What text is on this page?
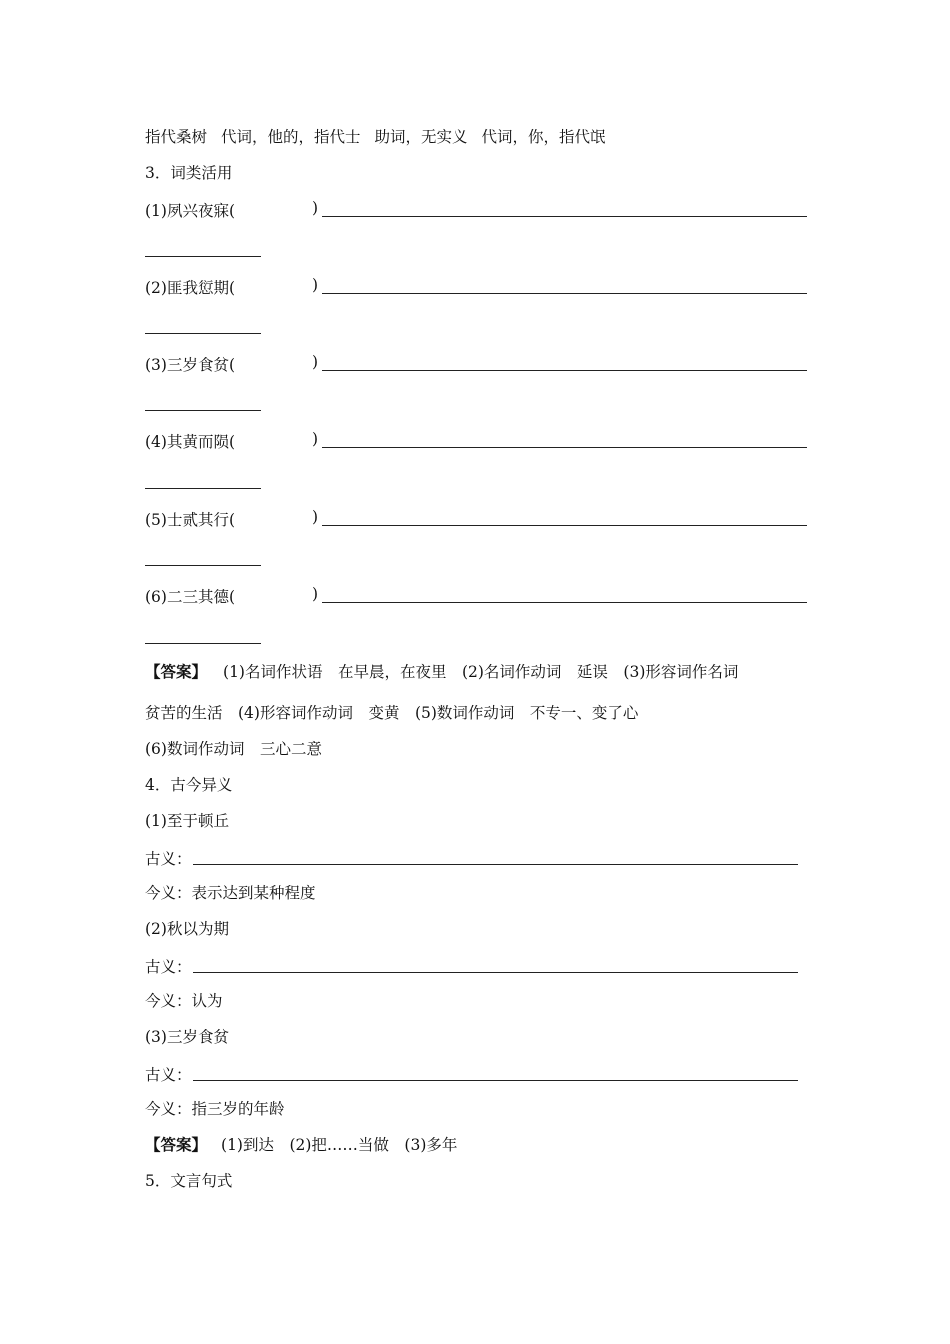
指代桑树 代词，他的，指代士 助词，无实义 代词，你，指代氓
3．词类活用
(1)夙兴夜寐(	)
(2)匪我愆期(	)
(3)三岁食贫(	)
(4)其黄而陨(	)
(5)士贰其行(	)
(6)二三其德(	)
【答案】 (1)名词作状语　在早晨，在夜里　(2)名词作动词　延误　(3)形容词作名词
贫苦的生活　(4)形容词作动词　变黄　(5)数词作动词　不专一、变了心
(6)数词作动词　三心二意
4．古今异义
(1)至于顿丘
古义：
今义：表示达到某种程度
(2)秋以为期
古义：
今义：认为
(3)三岁食贫
古义：
今义：指三岁的年龄
【答案】 (1)到达　(2)把……当做　(3)多年
5．文言句式
